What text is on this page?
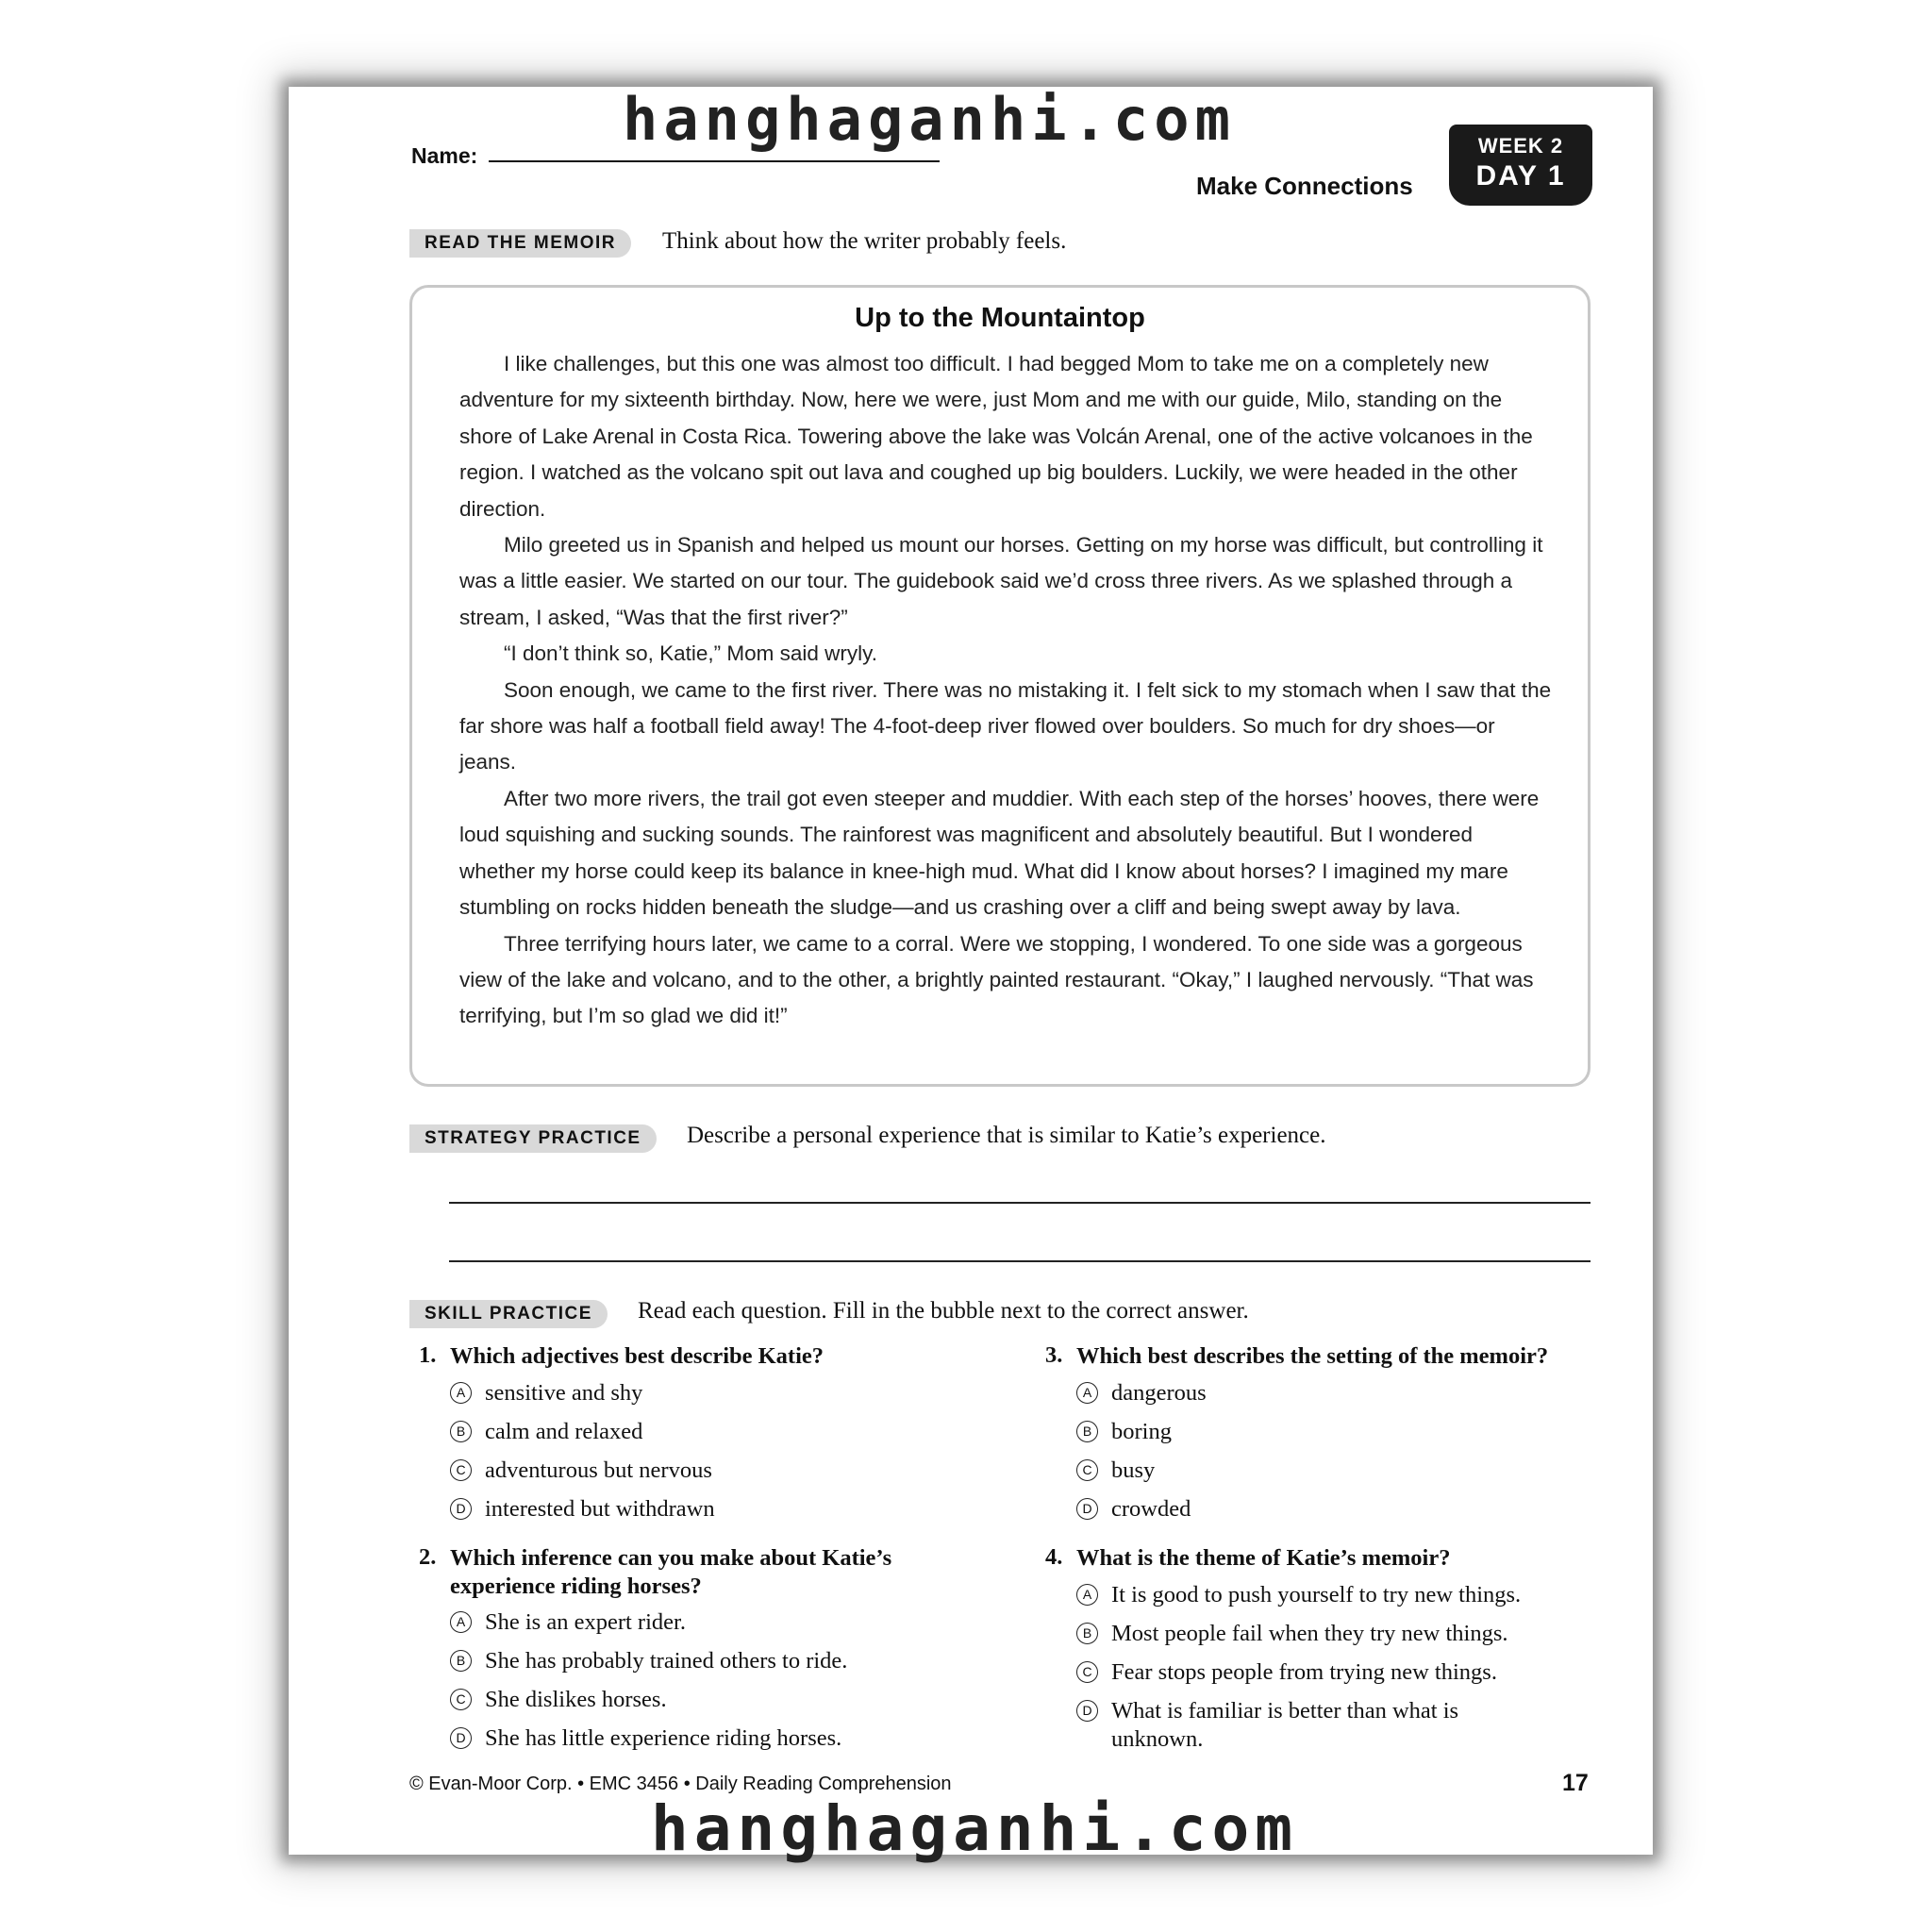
hanghaganhi.com
Name:
Make Connections
WEEK 2
DAY 1
READ THE MEMOIR	Think about how the writer probably feels.
Up to the Mountaintop

I like challenges, but this one was almost too difficult. I had begged Mom to take me on a completely new adventure for my sixteenth birthday. Now, here we were, just Mom and me with our guide, Milo, standing on the shore of Lake Arenal in Costa Rica. Towering above the lake was Volcán Arenal, one of the active volcanoes in the region. I watched as the volcano spit out lava and coughed up big boulders. Luckily, we were headed in the other direction.

Milo greeted us in Spanish and helped us mount our horses. Getting on my horse was difficult, but controlling it was a little easier. We started on our tour. The guidebook said we’d cross three rivers. As we splashed through a stream, I asked, “Was that the first river?”

“I don’t think so, Katie,” Mom said wryly.

Soon enough, we came to the first river. There was no mistaking it. I felt sick to my stomach when I saw that the far shore was half a football field away! The 4-foot-deep river flowed over boulders. So much for dry shoes—or jeans.

After two more rivers, the trail got even steeper and muddier. With each step of the horses’ hooves, there were loud squishing and sucking sounds. The rainforest was magnificent and absolutely beautiful. But I wondered whether my horse could keep its balance in knee-high mud. What did I know about horses? I imagined my mare stumbling on rocks hidden beneath the sludge—and us crashing over a cliff and being swept away by lava.

Three terrifying hours later, we came to a corral. Were we stopping, I wondered. To one side was a gorgeous view of the lake and volcano, and to the other, a brightly painted restaurant. “Okay,” I laughed nervously. “That was terrifying, but I’m so glad we did it!”

STRATEGY PRACTICE	Describe a personal experience that is similar to Katie’s experience.
SKILL PRACTICE	Read each question. Fill in the bubble next to the correct answer.
1. Which adjectives best describe Katie?
A sensitive and shy
B calm and relaxed
C adventurous but nervous
D interested but withdrawn
2. Which inference can you make about Katie’s experience riding horses?
A She is an expert rider.
B She has probably trained others to ride.
C She dislikes horses.
D She has little experience riding horses.
3. Which best describes the setting of the memoir?
A dangerous
B boring
C busy
D crowded
4. What is the theme of Katie’s memoir?
A It is good to push yourself to try new things.
B Most people fail when they try new things.
C Fear stops people from trying new things.
D What is familiar is better than what is unknown.
© Evan-Moor Corp. • EMC 3456 • Daily Reading Comprehension	17
hanghaganhi.com
